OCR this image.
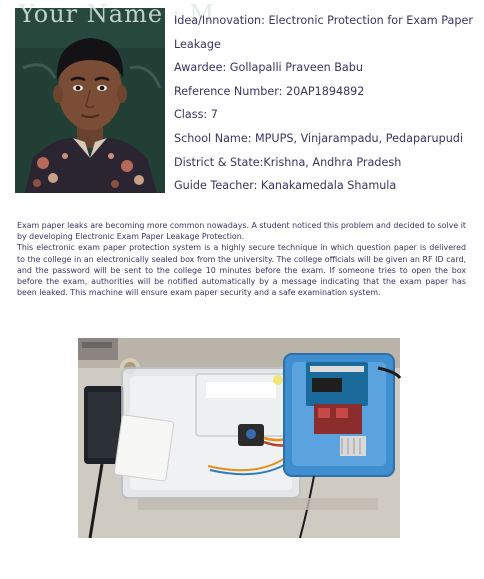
Your Name : M
Idea/Innovation: Electronic Protection for Exam Paper
Leakage
Awardee: Gollapalli Praveen Babu
Reference Number: 20AP1894892
Class: 7
School Name: MPUPS, Vinjarampadu, Pedaparupudi
District & State:Krishna, Andhra Pradesh
Guide Teacher: Kanakamedala Shamula

Exam paper leaks are becoming more common nowadays. A student noticed this problem and decided to solve it by developing Electronic Exam Paper Leakage Protection.

This electronic exam paper protection system is a highly secure technique in which question paper is delivered to the college in an electronically sealed box from the university. The college officials will be given an RF ID card, and the password will be sent to the college 10 minutes before the exam. If someone tries to open the box before the exam, authorities will be notified automatically by a message indicating that the exam paper has been leaked. This machine will ensure exam paper security and a safe examination system.
